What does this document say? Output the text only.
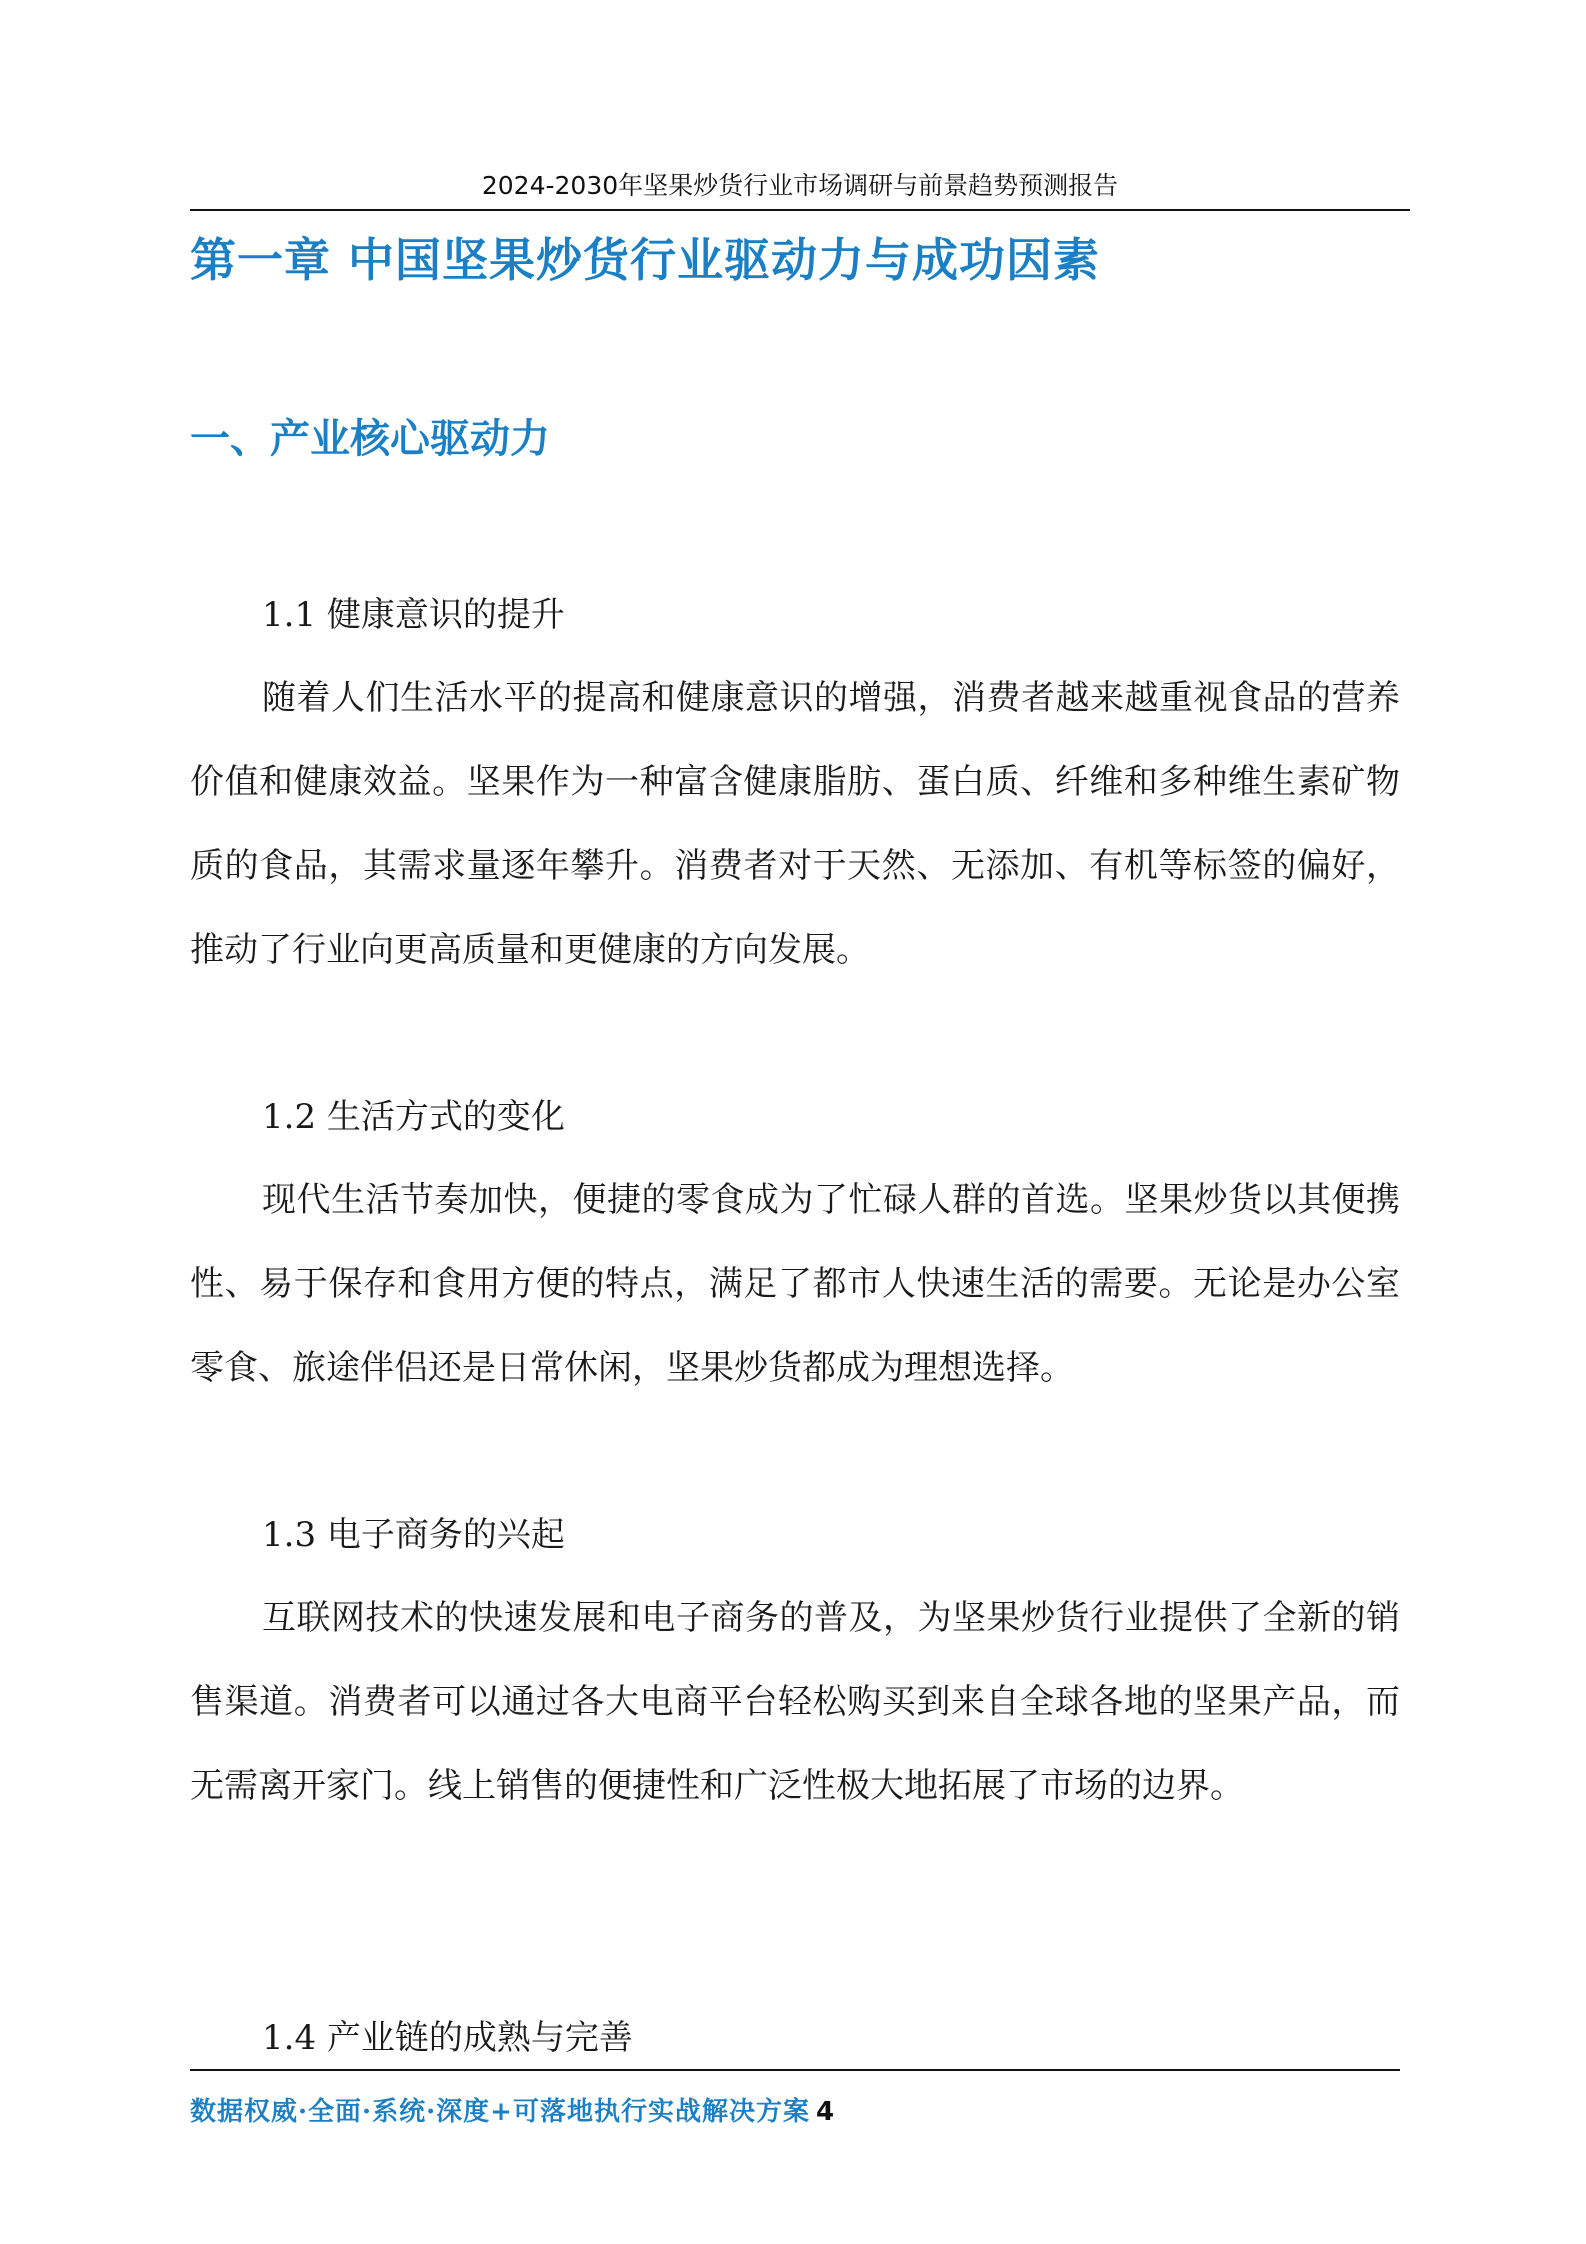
2024-2030年坚果炒货行业市场调研与前景趋势预测报告
第一章 中国坚果炒货行业驱动力与成功因素
一、产业核心驱动力
1.1 健康意识的提升

随着人们生活水平的提高和健康意识的增强，消费者越来越重视食品的营养价值和健康效益。坚果作为一种富含健康脂肪、蛋白质、纤维和多种维生素矿物质的食品，其需求量逐年攀升。消费者对于天然、无添加、有机等标签的偏好，推动了行业向更高质量和更健康的方向发展。

1.2 生活方式的变化

现代生活节奏加快，便捷的零食成为了忙碌人群的首选。坚果炒货以其便携性、易于保存和食用方便的特点，满足了都市人快速生活的需要。无论是办公室零食、旅途伴侣还是日常休闲，坚果炒货都成为理想选择。

1.3 电子商务的兴起

互联网技术的快速发展和电子商务的普及，为坚果炒货行业提供了全新的销售渠道。消费者可以通过各大电商平台轻松购买到来自全球各地的坚果产品，而无需离开家门。线上销售的便捷性和广泛性极大地拓展了市场的边界。

1.4 产业链的成熟与完善
数据权威·全面·系统·深度+可落地执行实战解决方案 4
